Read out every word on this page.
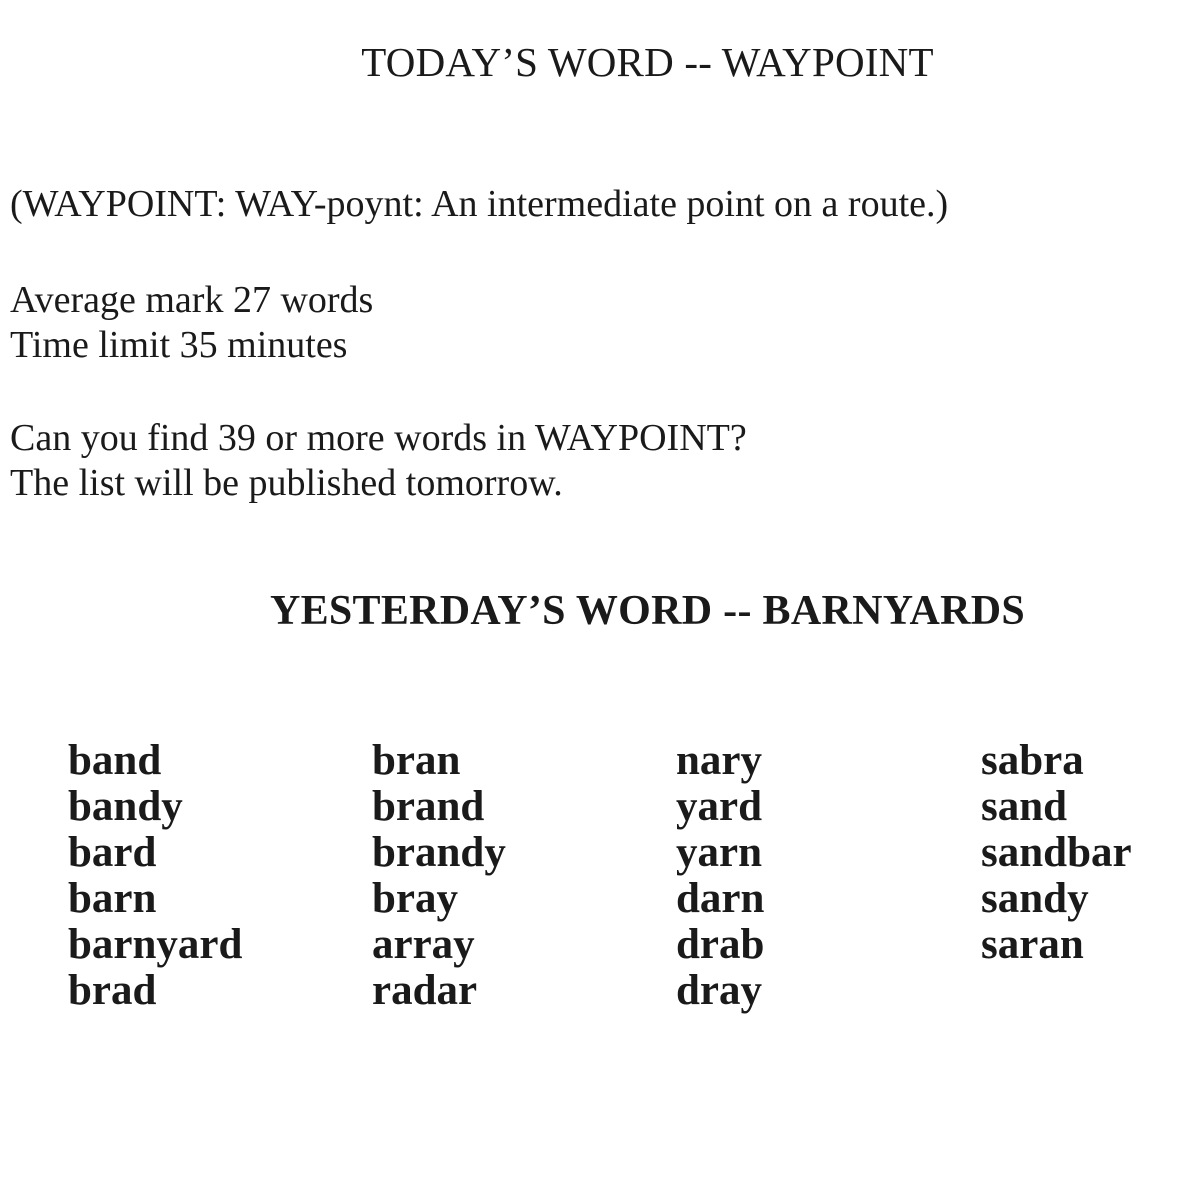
TODAY’S WORD -- WAYPOINT
(WAYPOINT: WAY-poynt: An intermediate point on a route.)
Average mark 27 words
Time limit 35 minutes
Can you find 39 or more words in WAYPOINT?
The list will be published tomorrow.
YESTERDAY’S WORD -- BARNYARDS
band
bandy
bard
barn
barnyard
brad
bran
brand
brandy
bray
array
radar
nary
yard
yarn
darn
drab
dray
sabra
sand
sandbar
sandy
saran
